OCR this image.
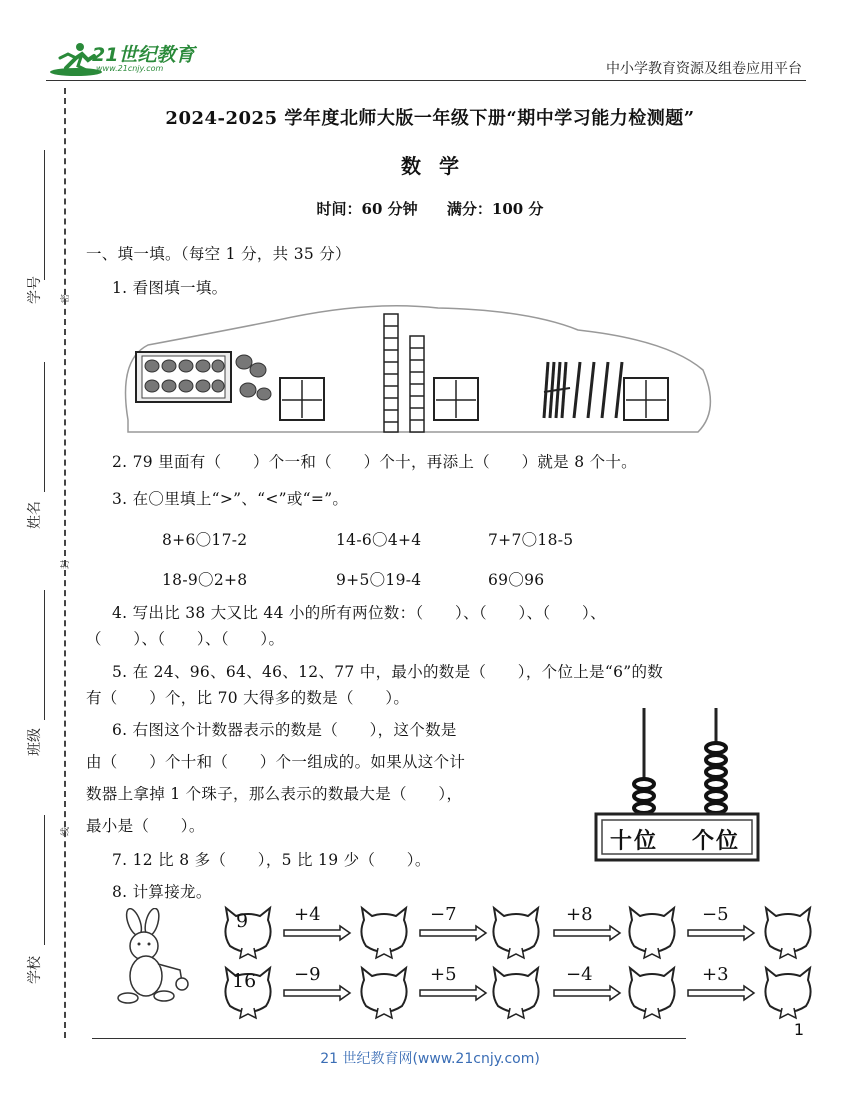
21世纪教育
www.21cnjy.com	中小学教育资源及组卷应用平台
学号
姓名
班级
学校
密
封
线
2024-2025 学年度北师大版一年级下册“期中学习能力检测题”
数学
时间：60 分钟 满分：100 分
一、填一填。（每空 1 分，共 35 分）
1. 看图填一填。
2. 79 里面有（　　）个一和（　　）个十，再添上（　　）就是 8 个十。
3. 在〇里填上“>”、“<”或“=”。
8+6〇17-2	14-6〇4+4	7+7〇18-5
18-9〇2+8	9+5〇19-4	69〇96
4. 写出比 38 大又比 44 小的所有两位数：（　　）、（　　）、（　　）、
（　　）、（　　）、（　　）。
5. 在 24、96、64、46、12、77 中，最小的数是（　　），个位上是“6”的数
有（　　）个，比 70 大得多的数是（　　）。
6. 右图这个计数器表示的数是（　　），这个数是
由（　　）个十和（　　）个一组成的。如果从这个计
数器上拿掉 1 个珠子，那么表示的数最大是（　　），
最小是（　　）。
十位 个位
7. 12 比 8 多（　　），5 比 19 少（　　）。
8. 计算接龙。
9	+4	−7	+8	−5
16 −9	+5	−4	+3
1
21 世纪教育网(www.21cnjy.com)
